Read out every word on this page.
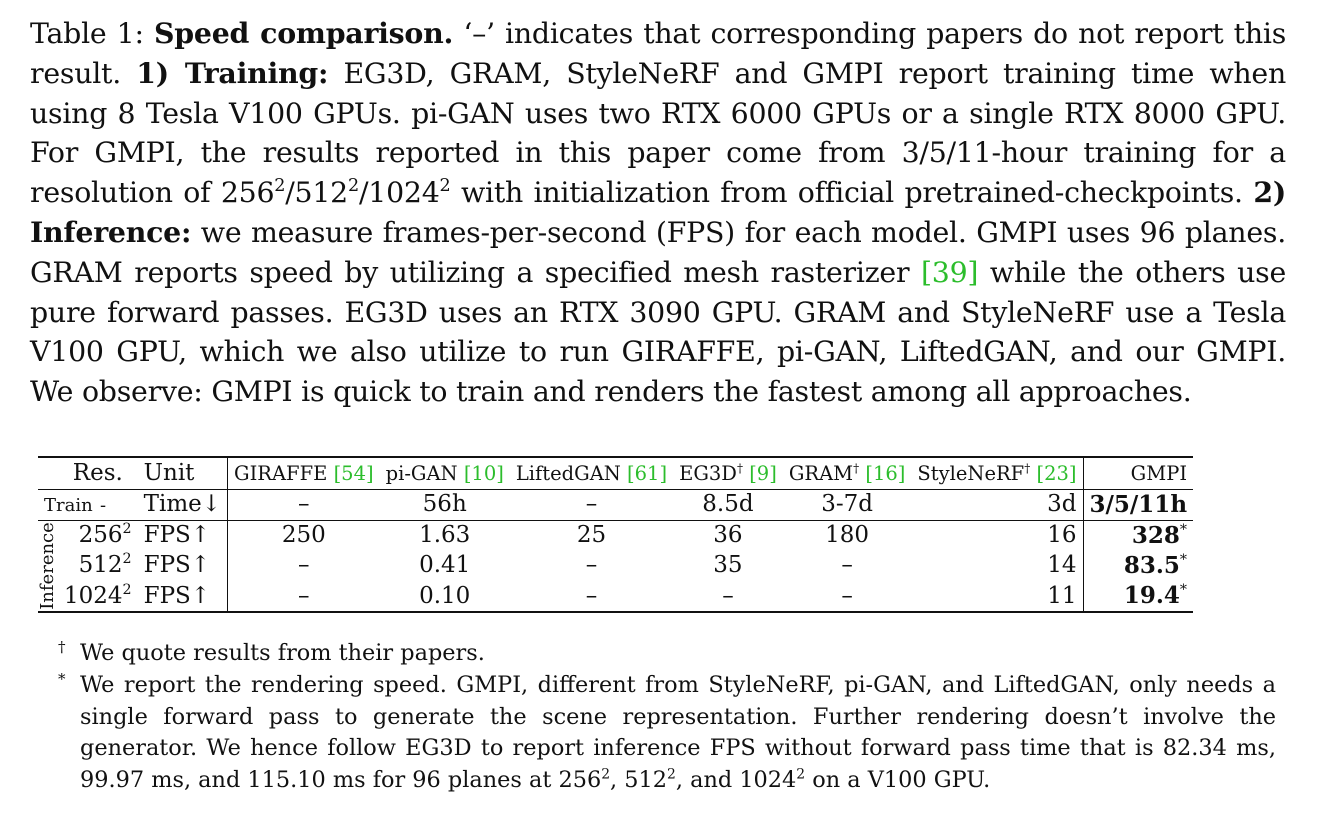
Table 1: Speed comparison. ‘–’ indicates that corresponding papers do not report this result. 1) Training: EG3D, GRAM, StyleNeRF and GMPI report training time when using 8 Tesla V100 GPUs. pi-GAN uses two RTX 6000 GPUs or a single RTX 8000 GPU. For GMPI, the results reported in this paper come from 3/5/11-hour training for a resolution of $256^2/512^2/1024^2$ with initialization from official pretrained-checkpoints. 2) Inference: we measure frames-per-second (FPS) for each model. GMPI uses 96 planes. GRAM reports speed by utilizing a specified mesh rasterizer [39] while the others use pure forward passes. EG3D uses an RTX 3090 GPU. GRAM and StyleNeRF use a Tesla V100 GPU, which we also utilize to run GIRAFFE, pi-GAN, LiftedGAN, and our GMPI. We observe: GMPI is quick to train and renders the fastest among all approaches.
	Res.	Unit	GIRAFFE [54]	pi-GAN [10]	LiftedGAN [61]	EG3D† [9]	GRAM† [16]	StyleNeRF† [23]	GMPI
Train -		Time↓	–	56h	–	8.5d	3-7d	3d	3/5/11h

Inference	$256^2$	FPS↑	250	1.63	25	36	180	16	328*
	$512^2$	FPS↑	–	0.41	–	35	–	14	83.5*
	1024$^2$	FPS↑	–	0.10	–	–	–	11	19.4*
† We quote results from their papers.
* We report the rendering speed. GMPI, different from StyleNeRF, pi-GAN, and LiftedGAN, only needs a single forward pass to generate the scene representation. Further rendering doesn’t involve the generator. We hence follow EG3D to report inference FPS without forward pass time that is 82.34 ms, 99.97 ms, and 115.10 ms for 96 planes at $256^2$, $512^2$, and 1024$^2$ on a V100 GPU.
